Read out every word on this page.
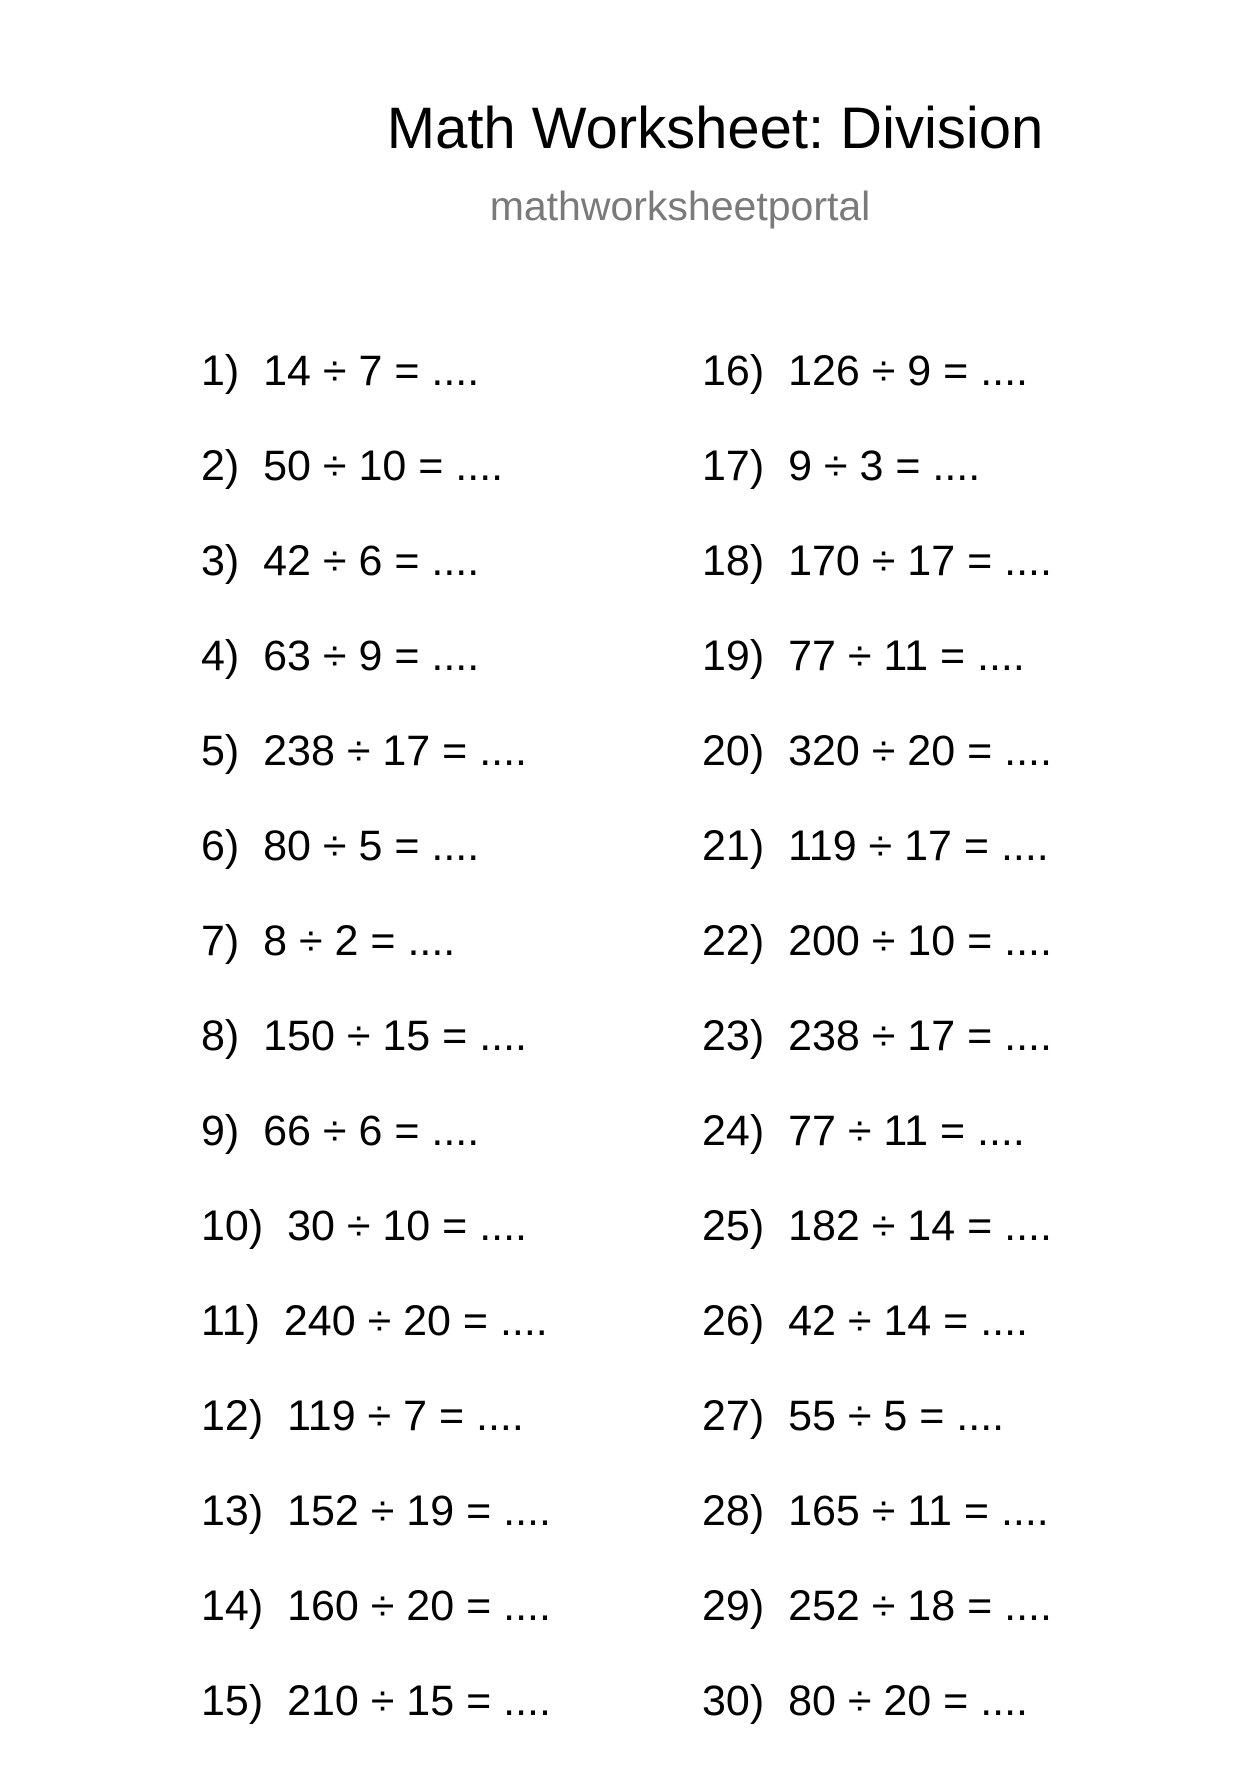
Math Worksheet: Division
mathworksheetportal
1) 14 ÷ 7 = ....
2) 50 ÷ 10 = ....
3) 42 ÷ 6 = ....
4) 63 ÷ 9 = ....
5) 238 ÷ 17 = ....
6) 80 ÷ 5 = ....
7) 8 ÷ 2 = ....
8) 150 ÷ 15 = ....
9) 66 ÷ 6 = ....
10) 30 ÷ 10 = ....
11) 240 ÷ 20 = ....
12) 119 ÷ 7 = ....
13) 152 ÷ 19 = ....
14) 160 ÷ 20 = ....
15) 210 ÷ 15 = ....
16) 126 ÷ 9 = ....
17) 9 ÷ 3 = ....
18) 170 ÷ 17 = ....
19) 77 ÷ 11 = ....
20) 320 ÷ 20 = ....
21) 119 ÷ 17 = ....
22) 200 ÷ 10 = ....
23) 238 ÷ 17 = ....
24) 77 ÷ 11 = ....
25) 182 ÷ 14 = ....
26) 42 ÷ 14 = ....
27) 55 ÷ 5 = ....
28) 165 ÷ 11 = ....
29) 252 ÷ 18 = ....
30) 80 ÷ 20 = ....
